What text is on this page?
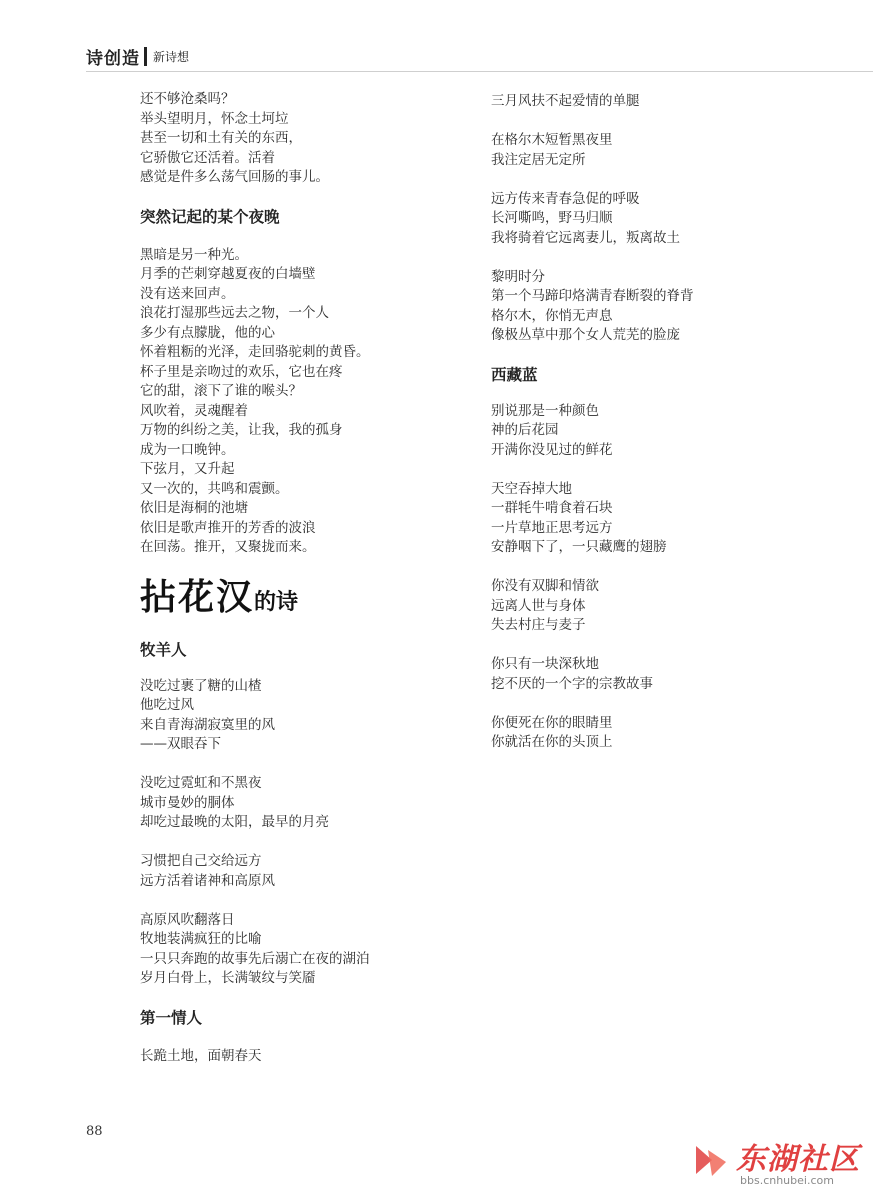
诗创造 新诗想
还不够沧桑吗？
举头望明月，怀念土坷垃
甚至一切和土有关的东西，
它骄傲它还活着。活着
感觉是件多么荡气回肠的事儿。
突然记起的某个夜晚
黑暗是另一种光。
月季的芒刺穿越夏夜的白墙壁
没有送来回声。
浪花打湿那些远去之物，一个人
多少有点朦胧，他的心
怀着粗粝的光泽，走回骆驼刺的黄昏。
杯子里是亲吻过的欢乐，它也在疼
它的甜，滚下了谁的喉头？
风吹着，灵魂醒着
万物的纠纷之美，让我，我的孤身
成为一口晚钟。
下弦月，又升起
又一次的，共鸣和震颤。
依旧是海桐的池塘
依旧是歌声推开的芳香的波浪
在回荡。推开，又聚拢而来。
拈花汉的诗
牧羊人
没吃过裹了糖的山楂
他吃过风
来自青海湖寂寞里的风
——双眼吞下
没吃过霓虹和不黑夜
城市曼妙的胴体
却吃过最晚的太阳，最早的月亮
习惯把自己交给远方
远方活着诸神和高原风
高原风吹翻落日
牧地装满疯狂的比喻
一只只奔跑的故事先后溺亡在夜的湖泊
岁月白骨上，长满皱纹与笑靥
第一情人
长跪土地，面朝春天
三月风扶不起爱情的单腿
在格尔木短暂黑夜里
我注定居无定所
远方传来青春急促的呼吸
长河嘶鸣，野马归顺
我将骑着它远离妻儿，叛离故土
黎明时分
第一个马蹄印烙满青春断裂的脊背
格尔木，你悄无声息
像极丛草中那个女人荒芜的脸庞
西藏蓝
别说那是一种颜色
神的后花园
开满你没见过的鲜花
天空吞掉大地
一群牦牛啃食着石块
一片草地正思考远方
安静咽下了，一只藏鹰的翅膀
你没有双脚和情欲
远离人世与身体
失去村庄与麦子
你只有一块深秋地
挖不厌的一个字的宗教故事
你便死在你的眼睛里
你就活在你的头顶上
88
东湖社区
bbs.cnhubei.com
